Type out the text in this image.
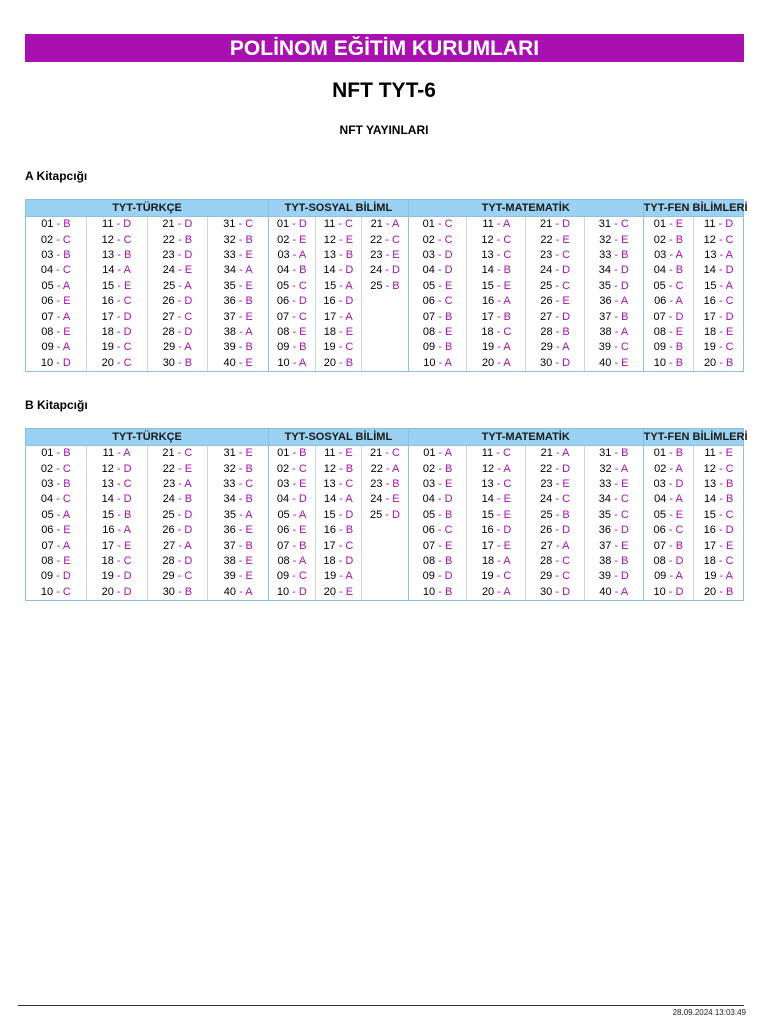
POLİNOM EĞİTİM KURUMLARI
NFT TYT-6
NFT YAYINLARI
A Kitapcığı
TYT-TÜRKÇE				TYT-SOSYAL BİLİML			TYT-MATEMATİK				TYT-FEN BİLİMLERİ	
01 - B	11 - D	21 - D	31 - C	01 - D	11 - C	21 - A	01 - C	11 - A	21 - D	31 - C	01 - E	11 - D
02 - C	12 - C	22 - B	32 - B	02 - E	12 - E	22 - C	02 - C	12 - C	22 - E	32 - E	02 - B	12 - C
03 - B	13 - B	23 - D	33 - E	03 - A	13 - B	23 - E	03 - D	13 - C	23 - C	33 - B	03 - A	13 - A
04 - C	14 - A	24 - E	34 - A	04 - B	14 - D	24 - D	04 - D	14 - B	24 - D	34 - D	04 - B	14 - D
05 - A	15 - E	25 - A	35 - E	05 - C	15 - A	25 - B	05 - E	15 - E	25 - C	35 - D	05 - C	15 - A
06 - E	16 - C	26 - D	36 - B	06 - D	16 - D		06 - C	16 - A	26 - E	36 - A	06 - A	16 - C
07 - A	17 - D	27 - C	37 - E	07 - C	17 - A		07 - B	17 - B	27 - D	37 - B	07 - D	17 - D
08 - E	18 - D	28 - D	38 - A	08 - E	18 - E		08 - E	18 - C	28 - B	38 - A	08 - E	18 - E
09 - A	19 - C	29 - A	39 - B	09 - B	19 - C		09 - B	19 - A	29 - A	39 - C	09 - B	19 - C
10 - D	20 - C	30 - B	40 - E	10 - A	20 - B		10 - A	20 - A	30 - D	40 - E	10 - B	20 - B
B Kitapcığı
TYT-TÜRKÇE				TYT-SOSYAL BİLİML			TYT-MATEMATİK				TYT-FEN BİLİMLERİ	
01 - B	11 - A	21 - C	31 - E	01 - B	11 - E	21 - C	01 - A	11 - C	21 - A	31 - B	01 - B	11 - E
02 - C	12 - D	22 - E	32 - B	02 - C	12 - B	22 - A	02 - B	12 - A	22 - D	32 - A	02 - A	12 - C
03 - B	13 - C	23 - A	33 - C	03 - E	13 - C	23 - B	03 - E	13 - C	23 - E	33 - E	03 - D	13 - B
04 - C	14 - D	24 - B	34 - B	04 - D	14 - A	24 - E	04 - D	14 - E	24 - C	34 - C	04 - A	14 - B
05 - A	15 - B	25 - D	35 - A	05 - A	15 - D	25 - D	05 - B	15 - E	25 - B	35 - C	05 - E	15 - C
06 - E	16 - A	26 - D	36 - E	06 - E	16 - B		06 - C	16 - D	26 - D	36 - D	06 - C	16 - D
07 - A	17 - E	27 - A	37 - B	07 - B	17 - C		07 - E	17 - E	27 - A	37 - E	07 - B	17 - E
08 - E	18 - C	28 - D	38 - E	08 - A	18 - D		08 - B	18 - A	28 - C	38 - B	08 - D	18 - C
09 - D	19 - D	29 - C	39 - E	09 - C	19 - A		09 - D	19 - C	29 - C	39 - D	09 - A	19 - A
10 - C	20 - D	30 - B	40 - A	10 - D	20 - E		10 - B	20 - A	30 - D	40 - A	10 - D	20 - B
28.09.2024 13:03:49
